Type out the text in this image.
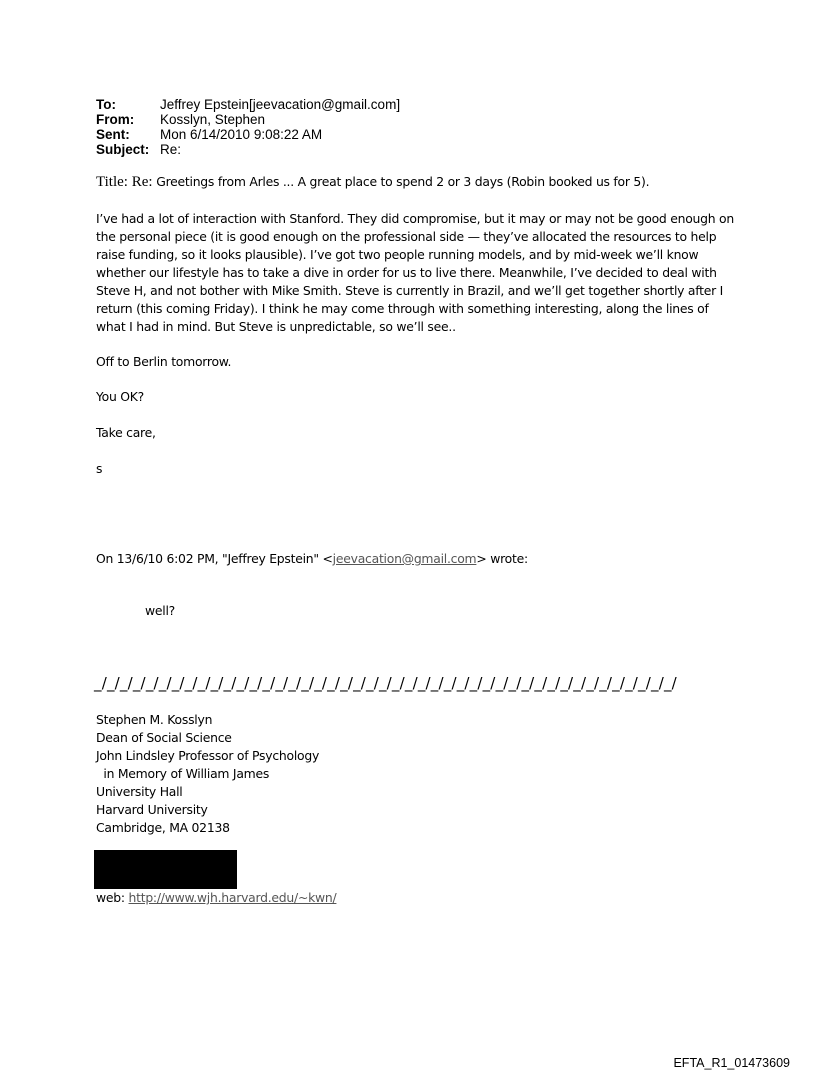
To:	Jeffrey Epstein[jeevacation@gmail.com]
From:	Kosslyn, Stephen
Sent:	Mon 6/14/2010 9:08:22 AM
Subject: Re:
Title: Re: Greetings from Arles ... A great place to spend 2 or 3 days (Robin booked us for 5).

I’ve had a lot of interaction with Stanford. They did compromise, but it may or may not be good enough on the personal piece (it is good enough on the professional side — they’ve allocated the resources to help raise funding, so it looks plausible). I’ve got two people running models, and by mid-week we’ll know whether our lifestyle has to take a dive in order for us to live there. Meanwhile, I’ve decided to deal with Steve H, and not bother with Mike Smith. Steve is currently in Brazil, and we’ll get together shortly after I return (this coming Friday). I think he may come through with something interesting, along the lines of what I had in mind. But Steve is unpredictable, so we’ll see..

Off to Berlin tomorrow.
You OK?
Take care,
s
On 13/6/10 6:02 PM, "Jeffrey Epstein" <jeevacation@gmail.com> wrote:
well?
_/_/_/_/_/_/_/_/_/_/_/_/_/_/_/_/_/_/_/_/_/_/_/_/_/_/_/_/_/_/_/_/_/_/_/_/_/_/_/_/_/_/_/_/_/
Stephen M. Kosslyn
Dean of Social Science
John Lindsley Professor of Psychology
in Memory of William James
University Hall
Harvard University
Cambridge, MA 02138
web: http://www.wjh.harvard.edu/~kwn/
EFTA_R1_01473609
